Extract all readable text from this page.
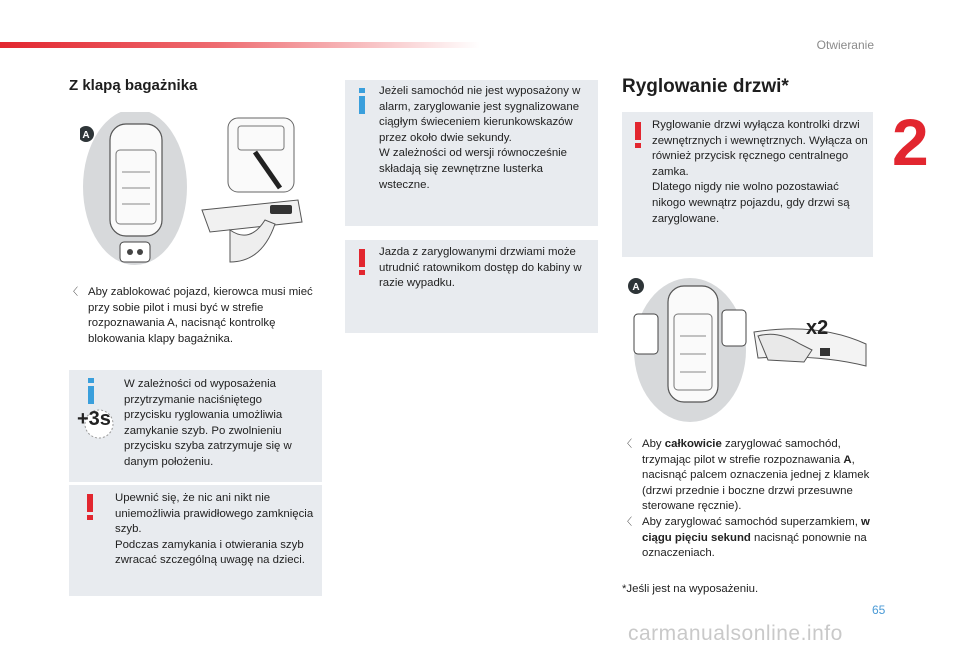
Otwieranie
2
Z klapą bagażnika
A
〈 Aby zablokować pojazd, kierowca musi mieć przy sobie pilot i musi być w strefie rozpoznawania A, nacisnąć kontrolkę blokowania klapy bagażnika.
+3s

W zależności od wyposażenia przytrzymanie naciśniętego przycisku ryglowania umożliwia zamykanie szyb. Po zwolnieniu przycisku szyba zatrzymuje się w danym położeniu.

Upewnić się, że nic ani nikt nie uniemożliwia prawidłowego zamknięcia szyb.

Podczas zamykania i otwierania szyb zwracać szczególną uwagę na dzieci.

Jeżeli samochód nie jest wyposażony w alarm, zaryglowanie jest sygnalizowane ciągłym świeceniem kierunkowskazów przez około dwie sekundy.

W zależności od wersji równocześnie składają się zewnętrzne lusterka wsteczne.

Jazda z zaryglowanymi drzwiami może utrudnić ratownikom dostęp do kabiny w razie wypadku.

Ryglowanie drzwi*

Ryglowanie drzwi wyłącza kontrolki drzwi zewnętrznych i wewnętrznych. Wyłącza on również przycisk ręcznego centralnego zamka.

Dlatego nigdy nie wolno pozostawiać nikogo wewnątrz pojazdu, gdy drzwi są zaryglowane.

A
x2
〈 Aby całkowicie zaryglować samochód, trzymając pilot w strefie rozpoznawania A, nacisnąć palcem oznaczenia jednej z klamek (drzwi przednie i boczne drzwi przesuwne sterowane ręcznie).
〈 Aby zaryglować samochód superzamkiem, w ciągu pięciu sekund nacisnąć ponownie na oznaczeniach.
*Jeśli jest na wyposażeniu.
65
carmanualsonline.info
